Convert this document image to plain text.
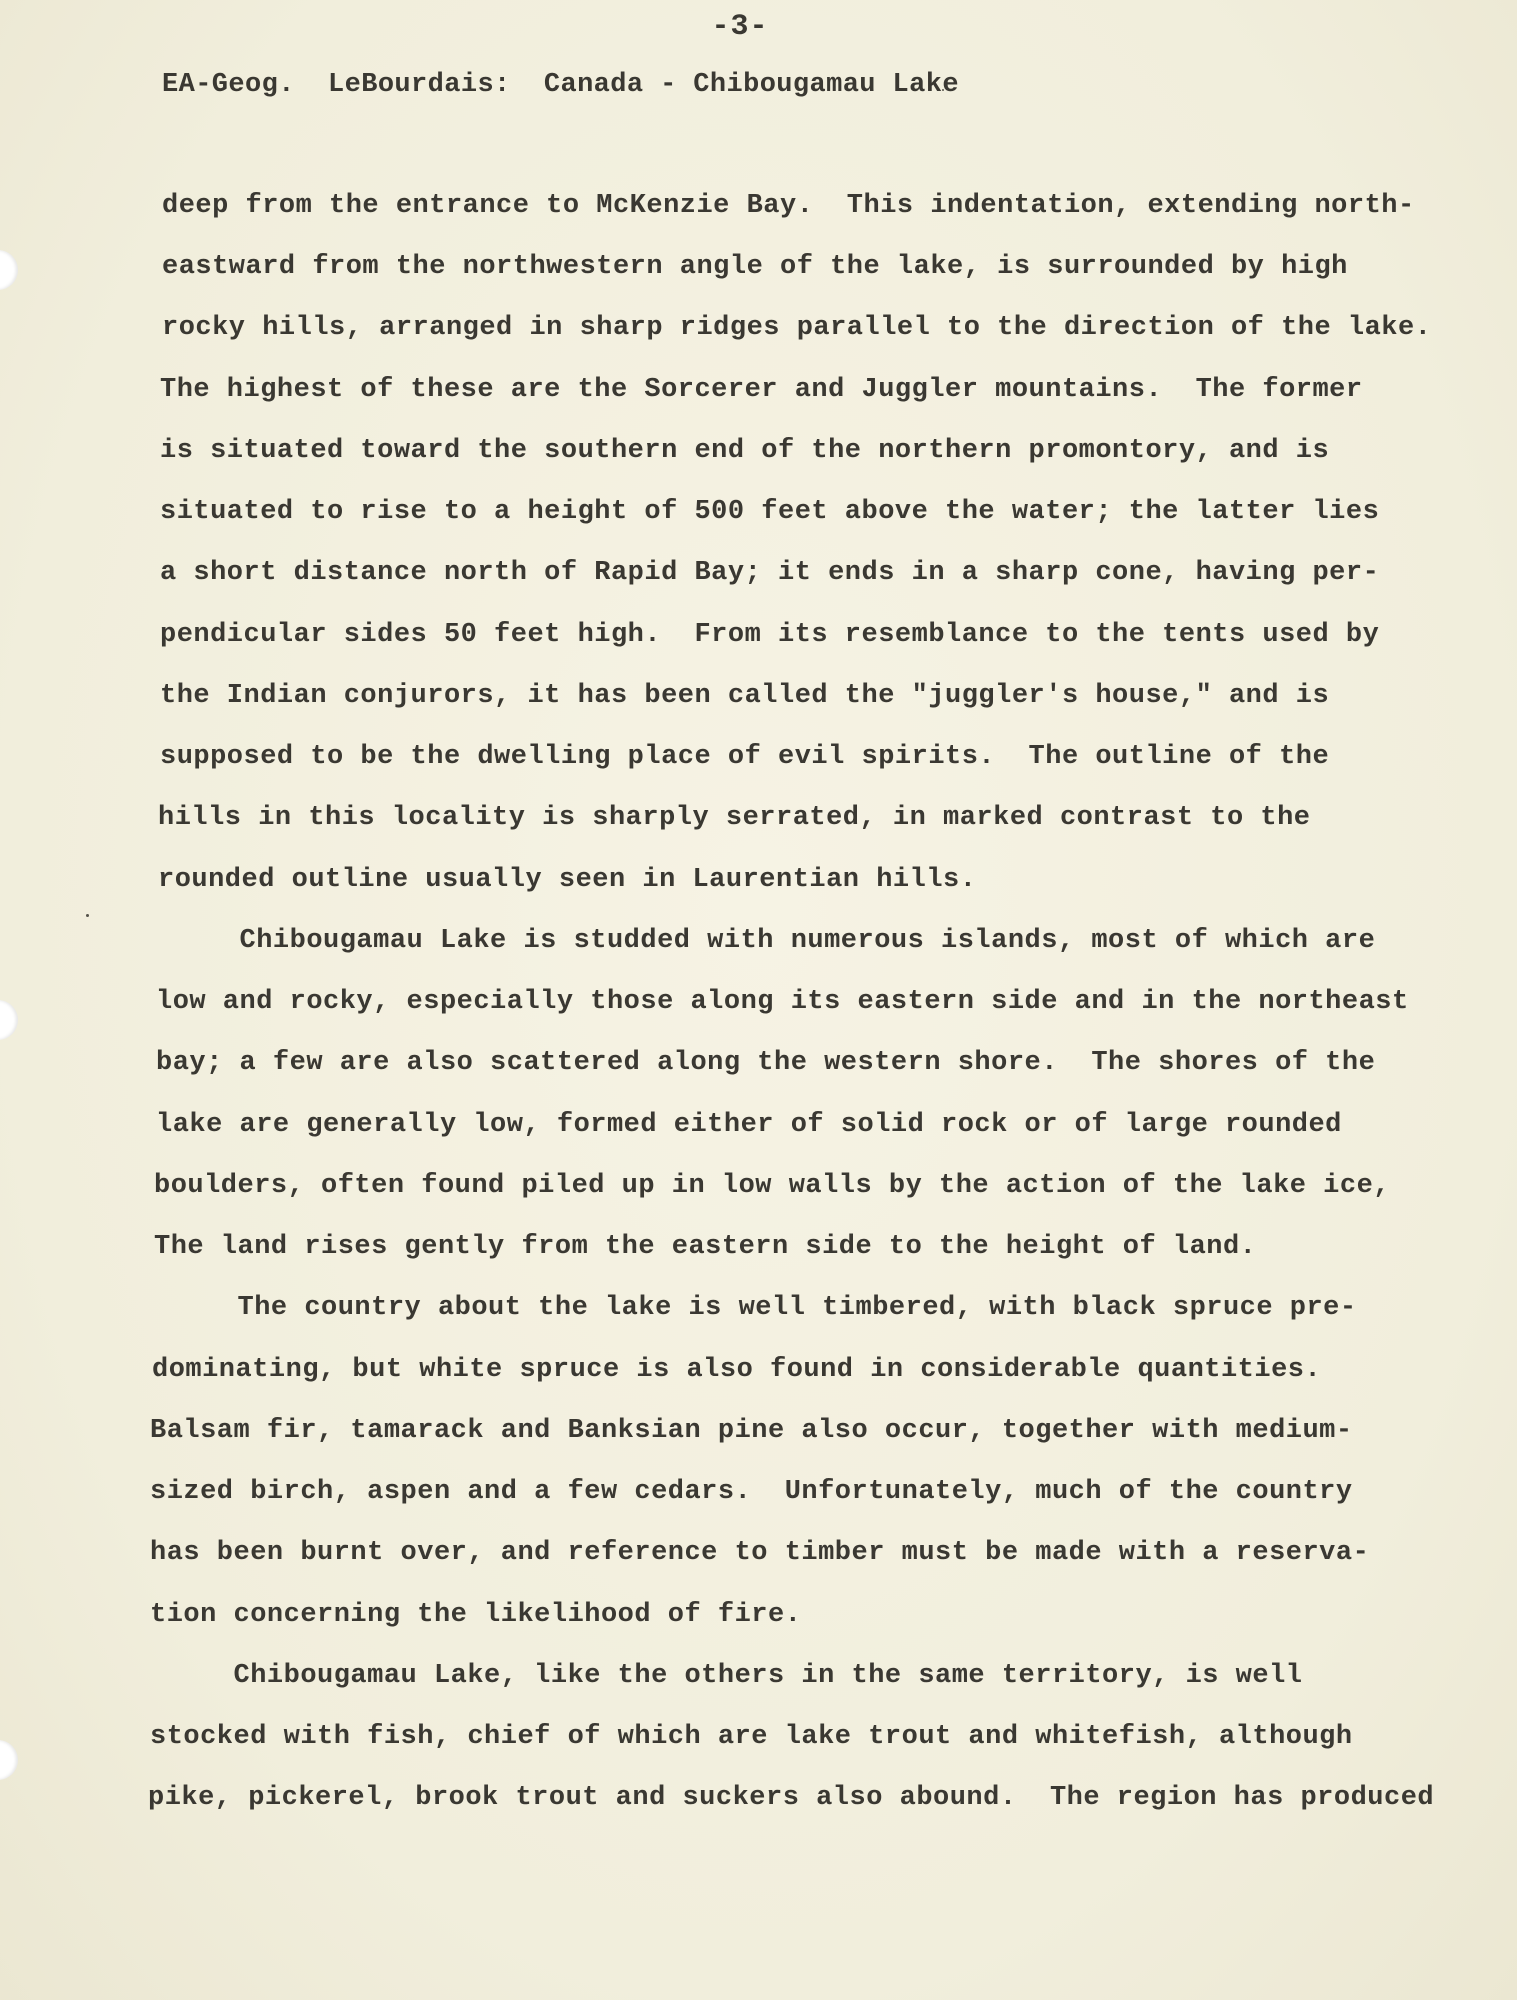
-3-
EA-Geog.  LeBourdais:  Canada - Chibougamau Lake
deep from the entrance to McKenzie Bay.  This indentation, extending north-
eastward from the northwestern angle of the lake, is surrounded by high
rocky hills, arranged in sharp ridges parallel to the direction of the lake.
The highest of these are the Sorcerer and Juggler mountains.  The former
is situated toward the southern end of the northern promontory, and is
situated to rise to a height of 500 feet above the water; the latter lies
a short distance north of Rapid Bay; it ends in a sharp cone, having per-
pendicular sides 50 feet high.  From its resemblance to the tents used by
the Indian conjurors, it has been called the "juggler's house," and is
supposed to be the dwelling place of evil spirits.  The outline of the
hills in this locality is sharply serrated, in marked contrast to the
rounded outline usually seen in Laurentian hills.
Chibougamau Lake is studded with numerous islands, most of which are
low and rocky, especially those along its eastern side and in the northeast
bay; a few are also scattered along the western shore.  The shores of the
lake are generally low, formed either of solid rock or of large rounded
boulders, often found piled up in low walls by the action of the lake ice,
The land rises gently from the eastern side to the height of land.
The country about the lake is well timbered, with black spruce pre-
dominating, but white spruce is also found in considerable quantities.
Balsam fir, tamarack and Banksian pine also occur, together with medium-
sized birch, aspen and a few cedars.  Unfortunately, much of the country
has been burnt over, and reference to timber must be made with a reserva-
tion concerning the likelihood of fire.
Chibougamau Lake, like the others in the same territory, is well
stocked with fish, chief of which are lake trout and whitefish, although
pike, pickerel, brook trout and suckers also abound.  The region has produced
